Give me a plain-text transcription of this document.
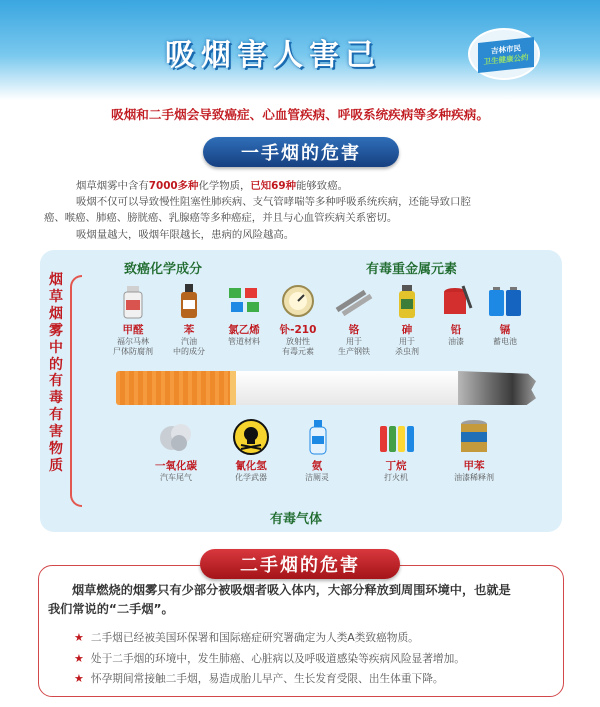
吸烟害人害己	吉林市民
卫生健康公约
吸烟和二手烟会导致癌症、心血管疾病、呼吸系统疾病等多种疾病。
一手烟的危害

烟草烟雾中含有7000多种化学物质，已知69种能够致癌。

吸烟不仅可以导致慢性阻塞性肺疾病、支气管哮喘等多种呼吸系统疾病，还能导致口腔

癌、喉癌、肺癌、膀胱癌、乳腺癌等多种癌症，并且与心血管疾病关系密切。

吸烟量越大，吸烟年限越长，患病的风险越高。

烟草烟雾中的有毒有害物质
致癌化学成分	有毒重金属元素
甲醛
福尔马林
尸体防腐剂
苯
汽油
中的成分
氯乙烯
管道材料
钋-210
放射性
有毒元素
铬
用于
生产钢铁
砷
用于
杀虫剂
铅
油漆
镉
蓄电池
一氧化碳
汽车尾气
氰化氢
化学武器
氨
洁厕灵
丁烷
打火机
甲苯
油漆稀释剂
有毒气体
二手烟的危害
烟草燃烧的烟雾只有少部分被吸烟者吸入体内，大部分释放到周围环境中，也就是
我们常说的“二手烟”。
★ 二手烟已经被美国环保署和国际癌症研究署确定为人类A类致癌物质。
★ 处于二手烟的环境中，发生肺癌、心脏病以及呼吸道感染等疾病风险显著增加。
★ 怀孕期间常接触二手烟，易造成胎儿早产、生长发育受限、出生体重下降。
